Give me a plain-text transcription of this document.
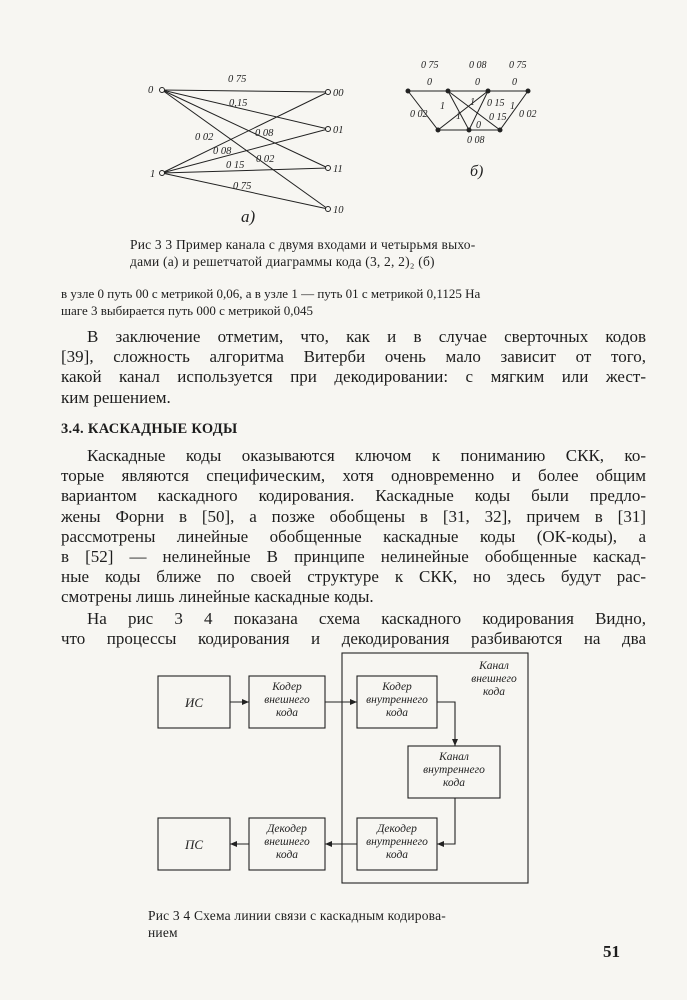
0
1
00
01
11
10
0 75
0,15
0 02	0 08
0 08
0 15
0 02
0 75
а)
0 75	0 08 0 75
0	0	0
1 0 15
0 15
1	1
0
1
0 02	0 02
0 08
б)
Рис 3 3 Пример канала с двумя входами и четырьмя выхо-
дами (а) и решетчатой диаграммы кода (3, 2, 2)₂ (б)
в узле 0 путь 00 с метрикой 0,06, а в узле 1 — путь 01 с метрикой 0,1125 На
шаге 3 выбирается путь 000 с метрикой 0,045
В заключение отметим, что, как и в случае сверточных кодов
[39], сложность алгоритма Витерби очень мало зависит от того,
какой канал используется при декодировании: с мягким или жест-
ким решением.
3.4. КАСКАДНЫЕ КОДЫ
Каскадные коды оказываются ключом к пониманию СКК, ко-
торые являются специфическим, хотя одновременно и более общим
вариантом каскадного кодирования. Каскадные коды были предло-
жены Форни в [50], а позже обобщены в [31, 32], причем в [31]
рассмотрены линейные обобщенные каскадные коды (ОК-коды), а
в [52] — нелинейные В принципе нелинейные обобщенные каскад-
ные коды ближе по своей структуре к СКК, но здесь будут рас-
смотрены лишь линейные каскадные коды.
На рис 3 4 показана схема каскадного кодирования Видно,
что процессы кодирования и декодирования разбиваются на два
Канал
внешнего
кода
ИС
Кодер
внешнего
кода
Кодер
внутреннего
кода
Канал
внутреннего
кода
Декодер
внутреннего
кода
Декодер
внешнего
кода
ПС
Рис 3 4 Схема линии связи с каскадным кодирова-
нием
51
